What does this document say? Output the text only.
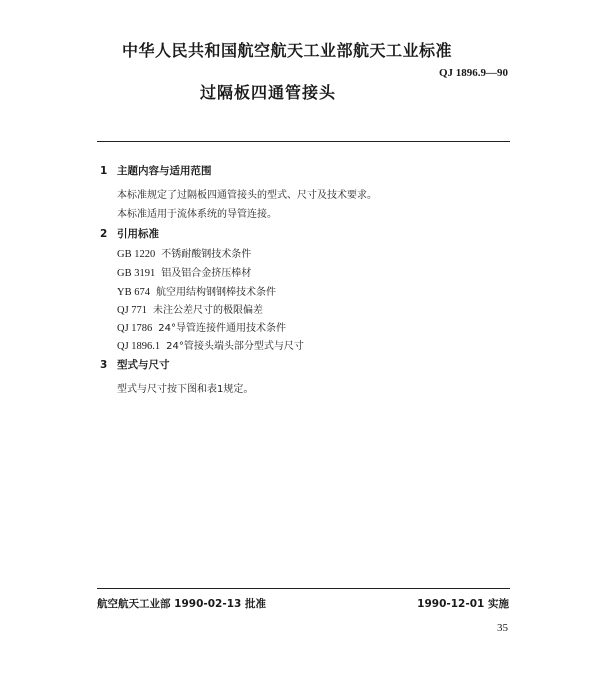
中华人民共和国航空航天工业部航天工业标准
QJ 1896.9—90
过隔板四通管接头
1 主题内容与适用范围
本标准规定了过隔板四通管接头的型式、尺寸及技术要求。
本标准适用于流体系统的导管连接。
2 引用标准
GB 1220 不锈耐酸钢技术条件
GB 3191 铝及铝合金挤压棒材
YB 674 航空用结构钢钢棒技术条件
QJ 771 未注公差尺寸的极限偏差
QJ 1786 24°导管连接件通用技术条件
QJ 1896.1 24°管接头端头部分型式与尺寸
3 型式与尺寸
型式与尺寸按下图和表1规定。
航空航天工业部 1990-02-13 批准	1990-12-01 实施
35
